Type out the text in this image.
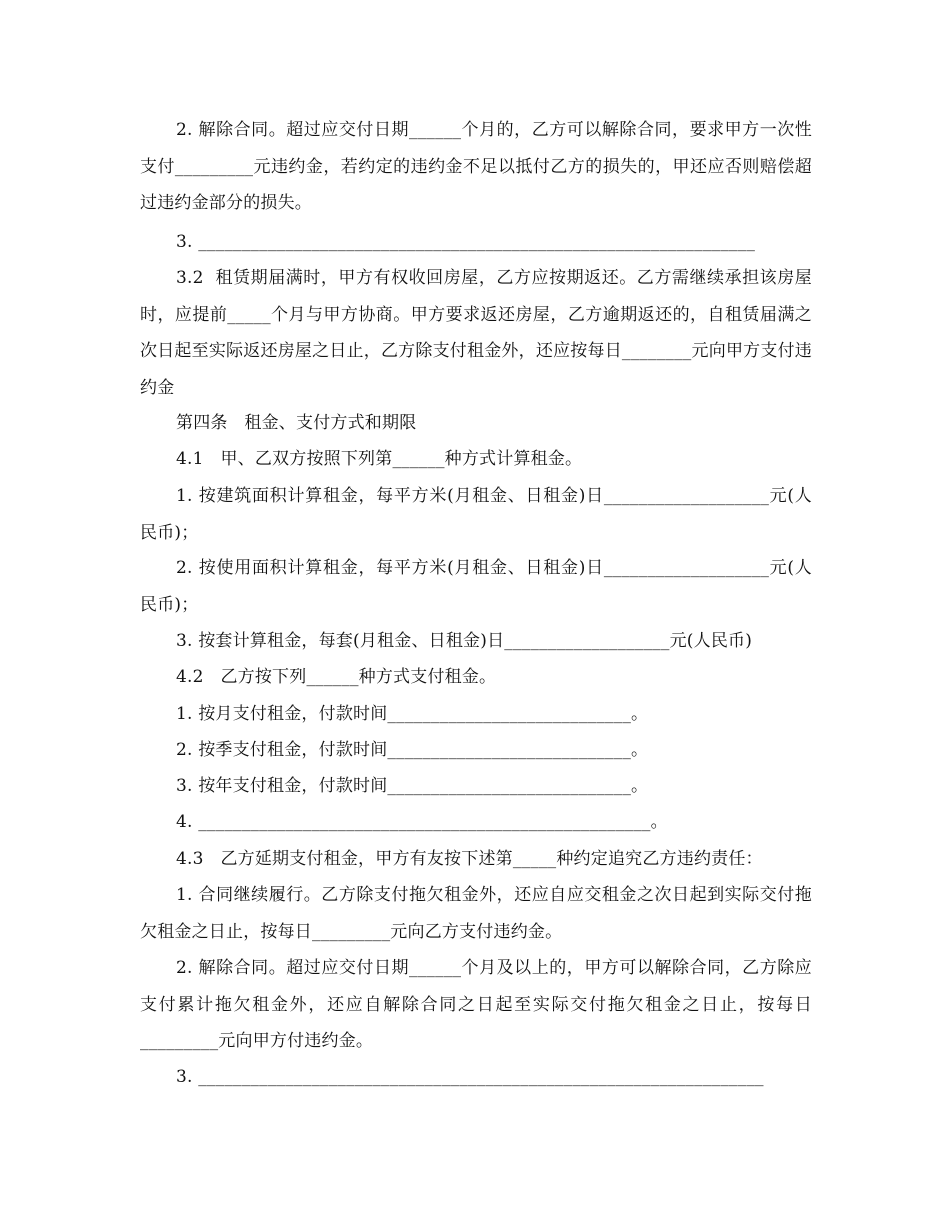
2. 解除合同。超过应交付日期______个月的，乙方可以解除合同，要求甲方一次性支付_________元违约金，若约定的违约金不足以抵付乙方的损失的，甲还应否则赔偿超过违约金部分的损失。

3. ________________________________________________________________

3.2  租赁期届满时，甲方有权收回房屋，乙方应按期返还。乙方需继续承担该房屋时，应提前_____个月与甲方协商。甲方要求返还房屋，乙方逾期返还的，自租赁届满之次日起至实际返还房屋之日止，乙方除支付租金外，还应按每日________元向甲方支付违约金

第四条   租金、支付方式和期限

4.1   甲、乙双方按照下列第______种方式计算租金。

1. 按建筑面积计算租金，每平方米(月租金、日租金)日___________________元(人民币)；

2. 按使用面积计算租金，每平方米(月租金、日租金)日___________________元(人民币)；

3. 按套计算租金，每套(月租金、日租金)日___________________元(人民币)

4.2   乙方按下列______种方式支付租金。

1. 按月支付租金，付款时间____________________________。

2. 按季支付租金，付款时间____________________________。

3. 按年支付租金，付款时间____________________________。

4. ____________________________________________________。

4.3   乙方延期支付租金，甲方有友按下述第_____种约定追究乙方违约责任：

1. 合同继续履行。乙方除支付拖欠租金外，还应自应交租金之次日起到实际交付拖欠租金之日止，按每日_________元向乙方支付违约金。

2. 解除合同。超过应交付日期______个月及以上的，甲方可以解除合同，乙方除应支付累计拖欠租金外，还应自解除合同之日起至实际交付拖欠租金之日止，按每日_________元向甲方付违约金。

3. _________________________________________________________________
